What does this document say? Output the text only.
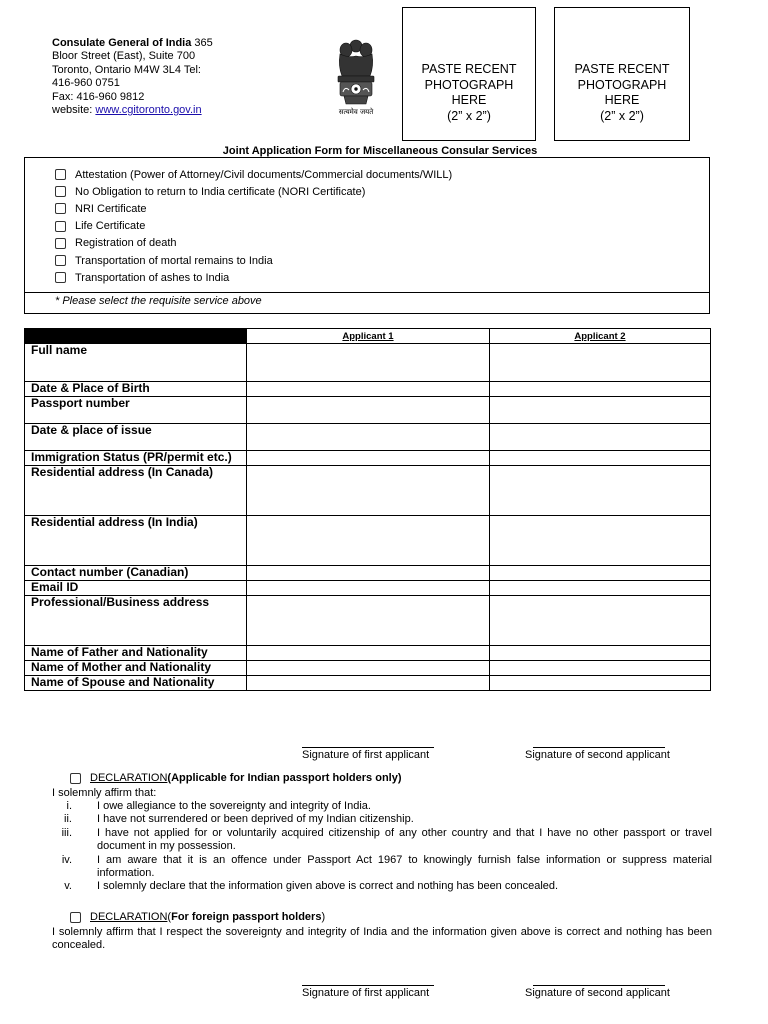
Consulate General of India 365
Bloor Street (East), Suite 700
Toronto, Ontario M4W 3L4 Tel:
416-960 0751
Fax: 416-960 9812
website: www.cgitoronto.gov.in	सत्यमेव जयते
PASTE RECENT
PHOTOGRAPH
HERE
(2” x 2”)
PASTE RECENT
PHOTOGRAPH
HERE
(2” x 2”)
Joint Application Form for Miscellaneous Consular Services
Attestation (Power of Attorney/Civil documents/Commercial documents/WILL)
No Obligation to return to India certificate (NORI Certificate)
NRI Certificate
Life Certificate
Registration of death
Transportation of mortal remains to India
Transportation of ashes to India
* Please select the requisite service above
	Applicant 1	Applicant 2
Full name		
Date & Place of Birth		
Passport number		
Date & place of issue		
Immigration Status (PR/permit etc.)		
Residential address (In Canada)		
Residential address (In India)		
Contact number (Canadian)		
Email ID		
Professional/Business address		
Name of Father and Nationality		
Name of Mother and Nationality		
Name of Spouse and Nationality		
Signature of first applicant	Signature of second applicant
DECLARATION (Applicable for Indian passport holders only)
I solemnly affirm that:
i. I owe allegiance to the sovereignty and integrity of India.
ii. I have not surrendered or been deprived of my Indian citizenship.
iii. I have not applied for or voluntarily acquired citizenship of any other country and that I have no other passport or travel document in my possession.
iv. I am aware that it is an offence under Passport Act 1967 to knowingly furnish false information or suppress material information.
v. I solemnly declare that the information given above is correct and nothing has been concealed.
DECLARATION ( For foreign passport holders )
I solemnly affirm that I respect the sovereignty and integrity of India and the information given above is correct and nothing has been concealed.
Signature of first applicant	Signature of second applicant
